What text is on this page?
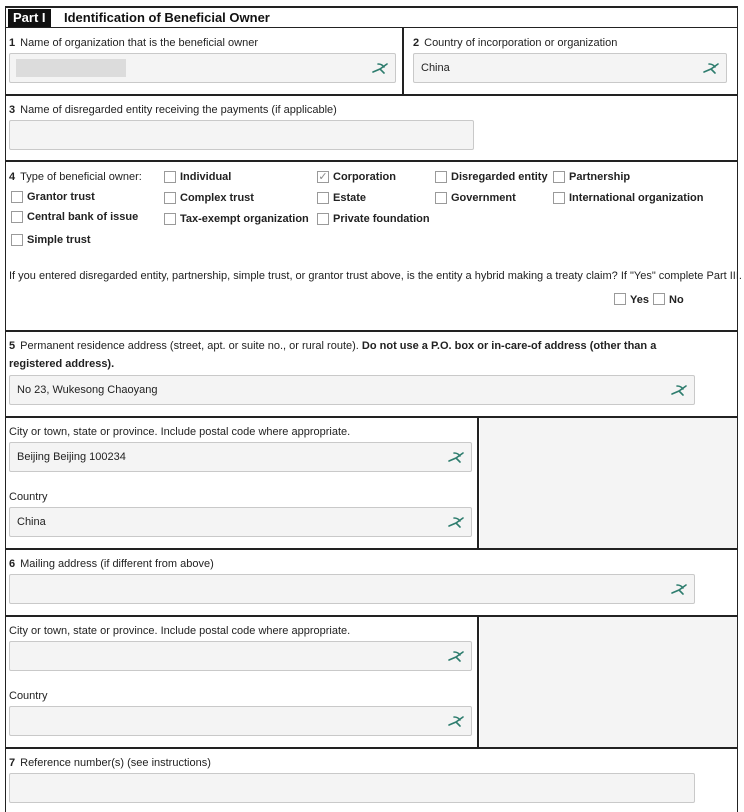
Part I	Identification of Beneficial Owner
1 Name of organization that is the beneficial owner	2 Country of incorporation or organization
China
3 Name of disregarded entity receiving the payments (if applicable)
4 Type of beneficial owner:	Individual	✓ Corporation	Disregarded entity Partnership
Grantor trust	Complex trust	Estate	Government	International organization
Central bank of issue	Tax-exempt organization Private foundation
Simple trust
If you entered disregarded entity, partnership, simple trust, or grantor trust above, is the entity a hybrid making a treaty claim? If "Yes" complete Part III.
Yes No
5 Permanent residence address (street, apt. or suite no., or rural route). Do not use a P.O. box or in-care-of address (other than a
registered address).
No 23, Wukesong Chaoyang
City or town, state or province. Include postal code where appropriate.
Beijing Beijing 100234
Country
China
6 Mailing address (if different from above)
City or town, state or province. Include postal code where appropriate.
Country
7 Reference number(s) (see instructions)
